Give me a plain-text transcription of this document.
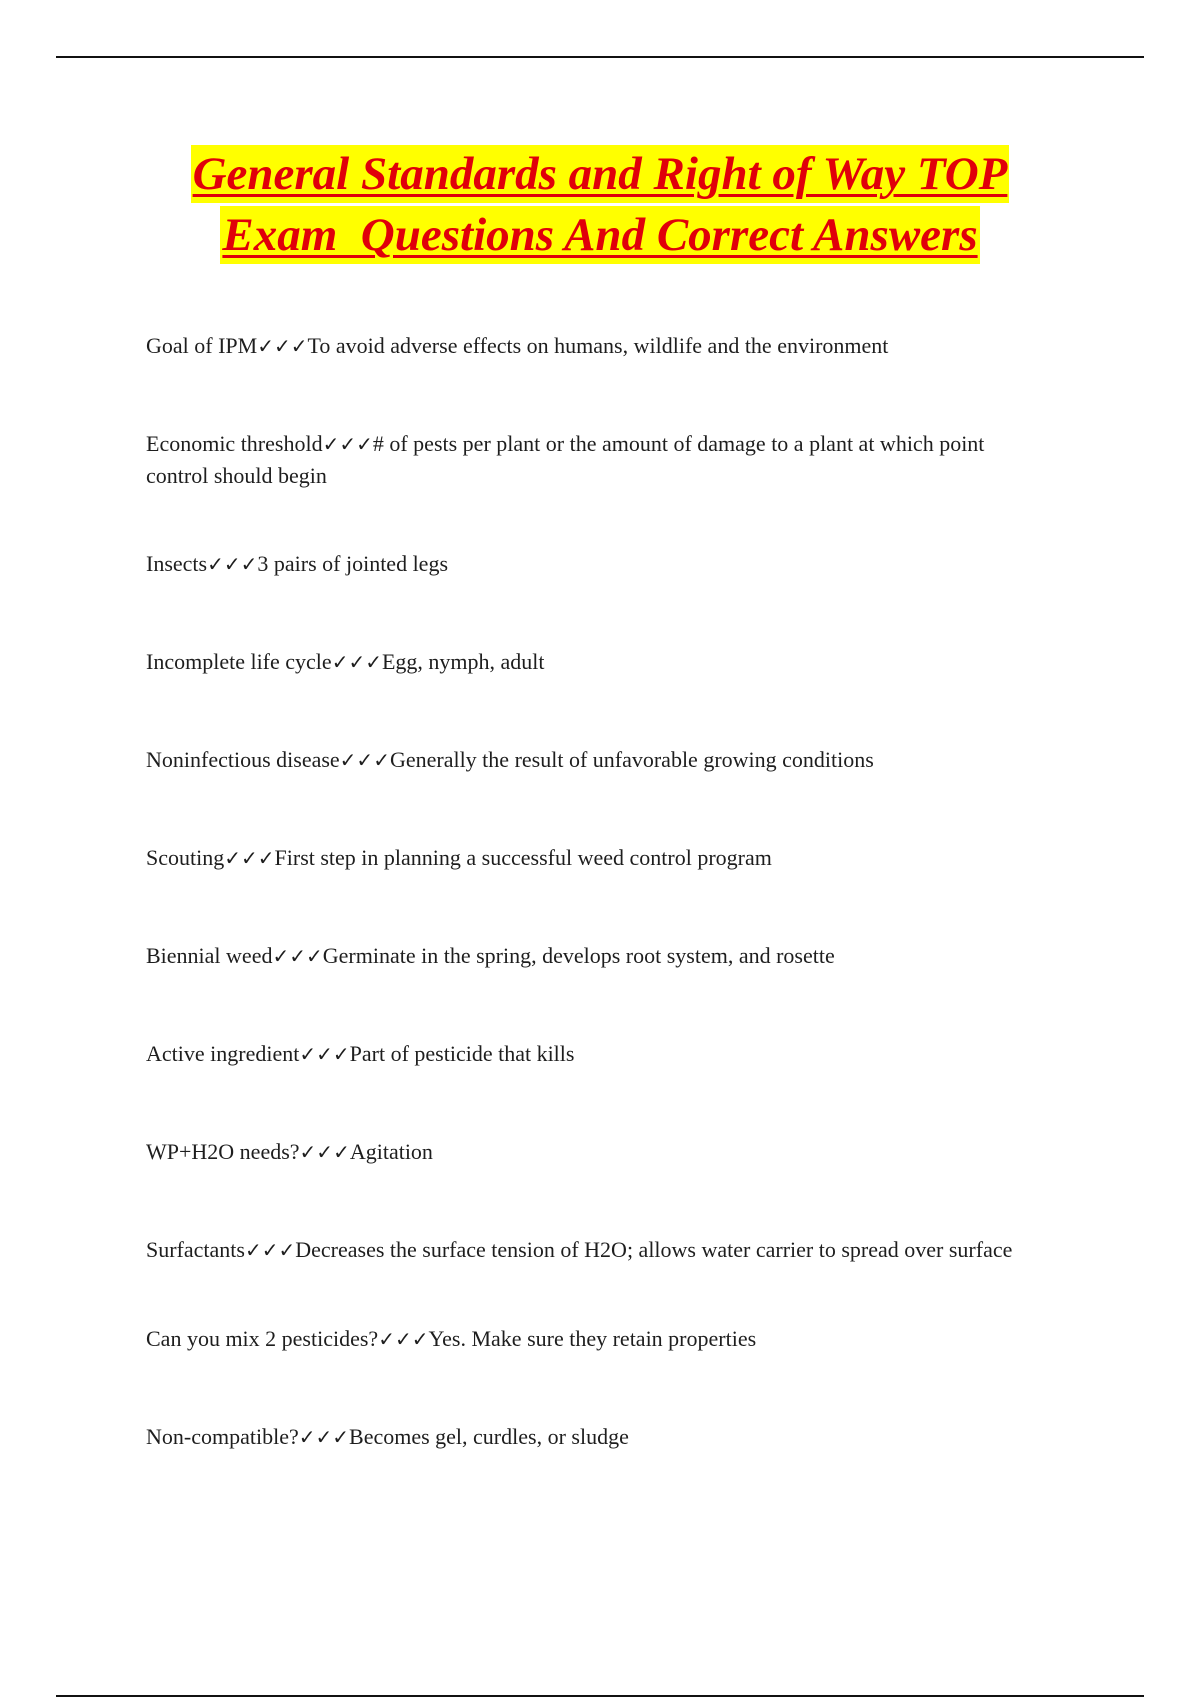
General Standards and Right of Way TOP
Exam  Questions And Correct Answers
Goal of IPM✓✓✓To avoid adverse effects on humans, wildlife and the environment
Economic threshold✓✓✓# of pests per plant or the amount of damage to a plant at which point control should begin
Insects✓✓✓3 pairs of jointed legs
Incomplete life cycle✓✓✓Egg, nymph, adult
Noninfectious disease✓✓✓Generally the result of unfavorable growing conditions
Scouting✓✓✓First step in planning a successful weed control program
Biennial weed✓✓✓Germinate in the spring, develops root system, and rosette
Active ingredient✓✓✓Part of pesticide that kills
WP+H2O needs?✓✓✓Agitation
Surfactants✓✓✓Decreases the surface tension of H2O; allows water carrier to spread over surface
Can you mix 2 pesticides?✓✓✓Yes. Make sure they retain properties
Non-compatible?✓✓✓Becomes gel, curdles, or sludge
